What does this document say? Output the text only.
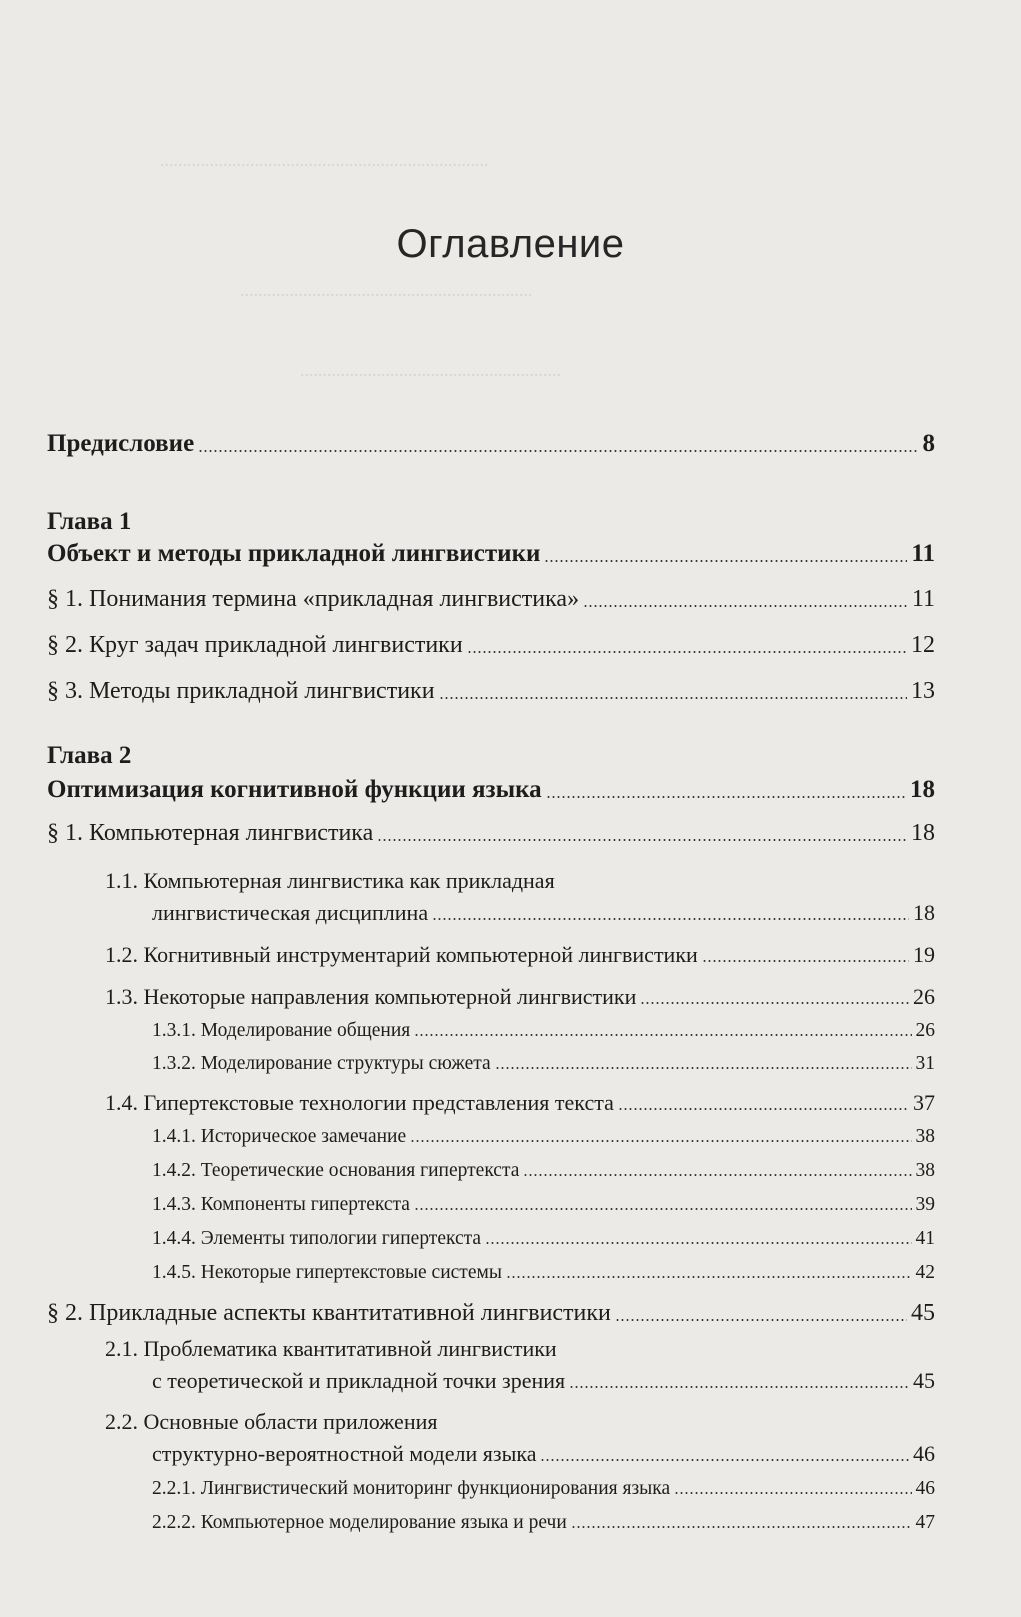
.........................................................................
.................................................................
..........................................................
Оглавление
Предисловие	8
Глава 1
Объект и методы прикладной лингвистики	11
§ 1. Понимания термина «прикладная лингвистика»	11
§ 2. Круг задач прикладной лингвистики	12
§ 3. Методы прикладной лингвистики	13
Глава 2
Оптимизация когнитивной функции языка	18
§ 1. Компьютерная лингвистика	18
1.1. Компьютерная лингвистика как прикладная
лингвистическая дисциплина	18
1.2. Когнитивный инструментарий компьютерной лингвистики	19
1.3. Некоторые направления компьютерной лингвистики	26
1.3.1. Моделирование общения	26
1.3.2. Моделирование структуры сюжета	31
1.4. Гипертекстовые технологии представления текста	37
1.4.1. Историческое замечание	38
1.4.2. Теоретические основания гипертекста	38
1.4.3. Компоненты гипертекста	39
1.4.4. Элементы типологии гипертекста	41
1.4.5. Некоторые гипертекстовые системы	42
§ 2. Прикладные аспекты квантитативной лингвистики	45
2.1. Проблематика квантитативной лингвистики
с теоретической и прикладной точки зрения	45
2.2. Основные области приложения
структурно-вероятностной модели языка	46
2.2.1. Лингвистический мониторинг функционирования языка	46
2.2.2. Компьютерное моделирование языка и речи	47
